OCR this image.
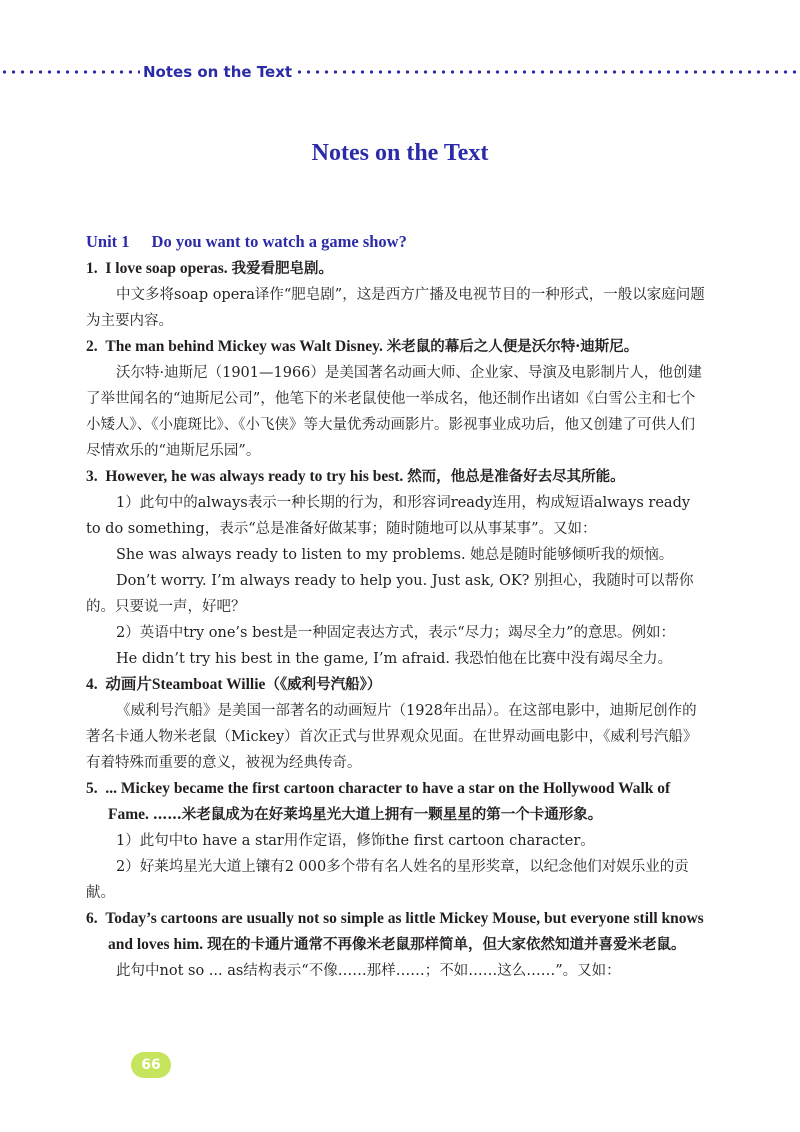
Notes on the Text
Notes on the Text

Unit 1 Do you want to watch a game show?

1. I love soap operas. 我爱看肥皂剧。

中文多将soap opera译作“肥皂剧”，这是西方广播及电视节目的一种形式，一般以家庭问题为主要内容。

2. The man behind Mickey was Walt Disney. 米老鼠的幕后之人便是沃尔特·迪斯尼。

沃尔特·迪斯尼（1901—1966）是美国著名动画大师、企业家、导演及电影制片人，他创建了举世闻名的“迪斯尼公司”，他笔下的米老鼠使他一举成名，他还制作出诸如《白雪公主和七个小矮人》、《小鹿斑比》、《小飞侠》等大量优秀动画影片。影视事业成功后，他又创建了可供人们尽情欢乐的“迪斯尼乐园”。

3. However, he was always ready to try his best. 然而，他总是准备好去尽其所能。

1）此句中的always表示一种长期的行为，和形容词ready连用，构成短语always ready to do something，表示“总是准备好做某事；随时随地可以从事某事”。又如：

She was always ready to listen to my problems. 她总是随时能够倾听我的烦恼。

Don’t worry. I’m always ready to help you. Just ask, OK? 别担心，我随时可以帮你的。只要说一声，好吧？

2）英语中try one’s best是一种固定表达方式，表示“尽力；竭尽全力”的意思。例如：

He didn’t try his best in the game, I’m afraid. 我恐怕他在比赛中没有竭尽全力。

4. 动画片Steamboat Willie（《威利号汽船》）

《威利号汽船》是美国一部著名的动画短片（1928年出品）。在这部电影中，迪斯尼创作的著名卡通人物米老鼠（Mickey）首次正式与世界观众见面。在世界动画电影中，《威利号汽船》有着特殊而重要的意义，被视为经典传奇。

5. ... Mickey became the first cartoon character to have a star on the Hollywood Walk of Fame. ……米老鼠成为在好莱坞星光大道上拥有一颗星星的第一个卡通形象。

1）此句中to have a star用作定语，修饰the first cartoon character。

2）好莱坞星光大道上镶有2 000多个带有名人姓名的星形奖章，以纪念他们对娱乐业的贡献。

6. Today’s cartoons are usually not so simple as little Mickey Mouse, but everyone still knows and loves him. 现在的卡通片通常不再像米老鼠那样简单，但大家依然知道并喜爱米老鼠。

此句中not so ... as结构表示“不像……那样……；不如……这么……”。又如：

66
